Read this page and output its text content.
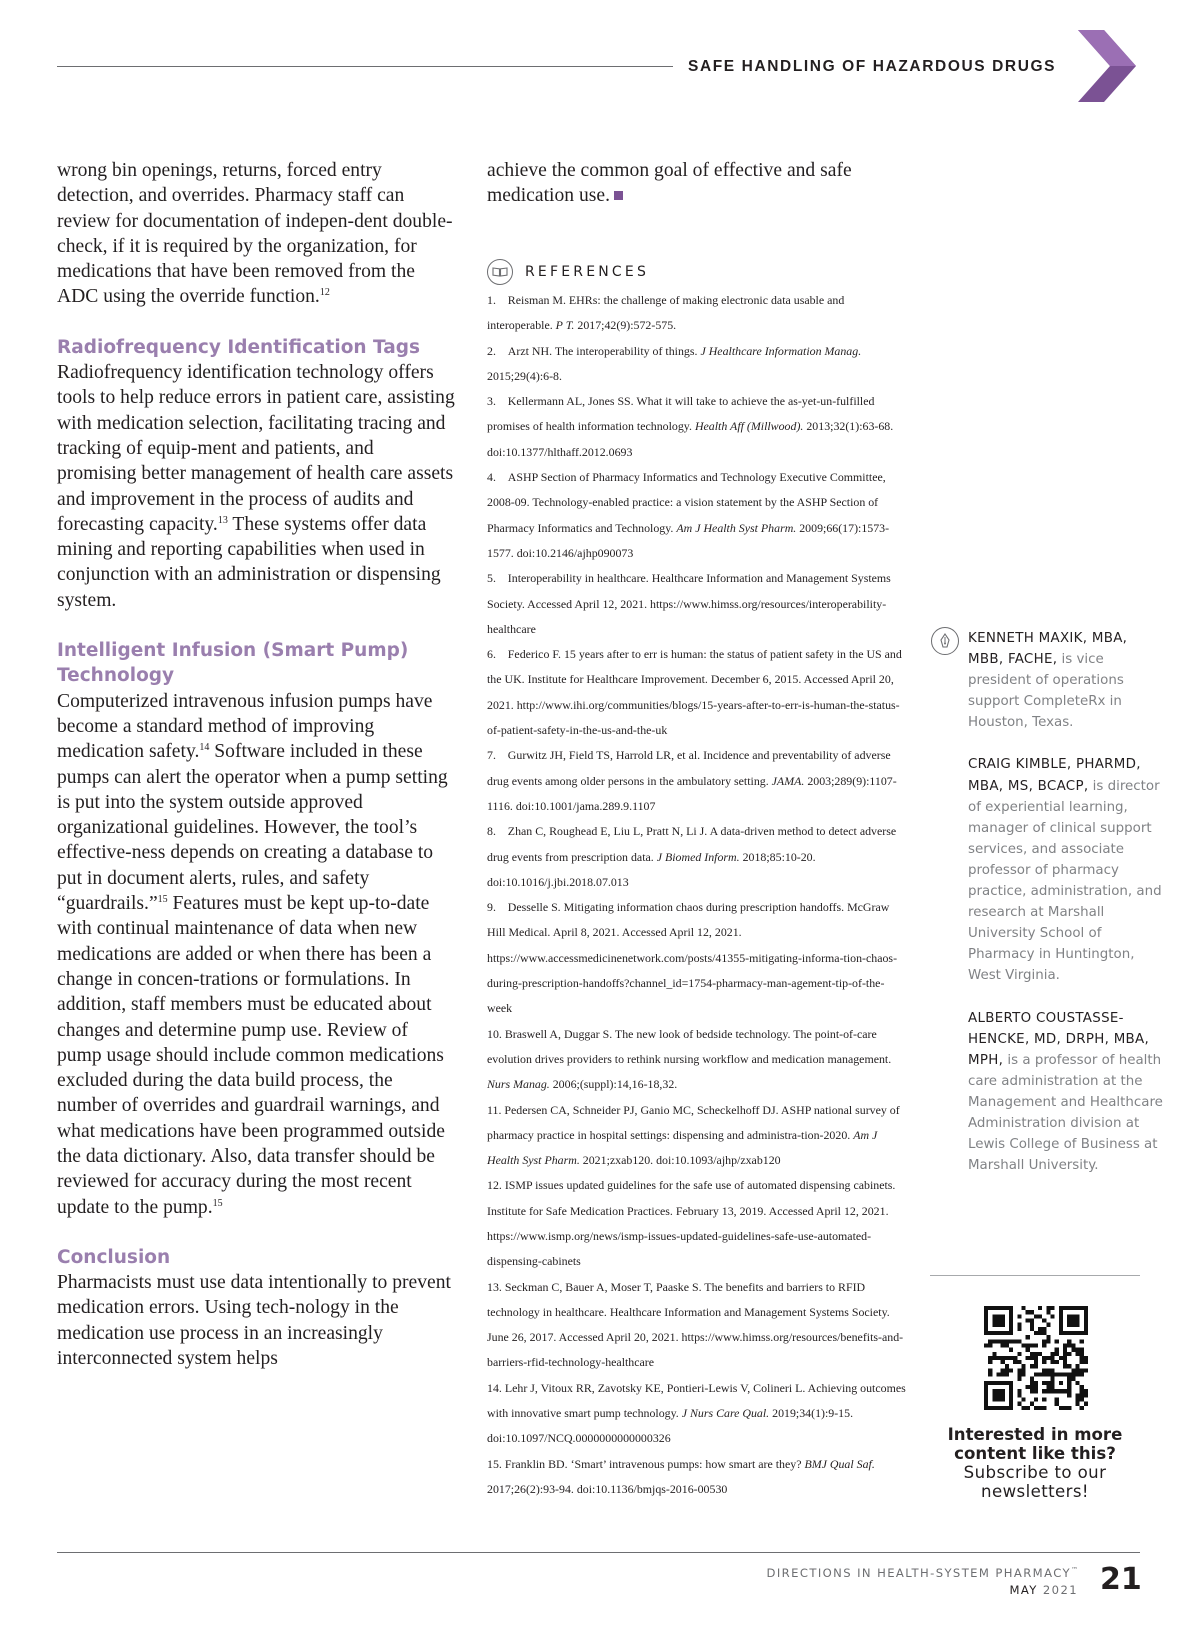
SAFE HANDLING OF HAZARDOUS DRUGS

wrong bin openings, returns, forced entry detection, and overrides. Pharmacy staff can review for documentation of indepen-dent double-check, if it is required by the organization, for medications that have been removed from the ADC using the override function.$^{12}$

Radiofrequency Identification Tags

Radiofrequency identification technology offers tools to help reduce errors in patient care, assisting with medication selection, facilitating tracing and tracking of equip-ment and patients, and promising better management of health care assets and improvement in the process of audits and forecasting capacity.$^{13}$ These systems offer data mining and reporting capabilities when used in conjunction with an administration or dispensing system.

Intelligent Infusion (Smart Pump) Technology

Computerized intravenous infusion pumps have become a standard method of improving medication safety.$^{14}$ Software included in these pumps can alert the operator when a pump setting is put into the system outside approved organizational guidelines. However, the tool’s effective-ness depends on creating a database to put in document alerts, rules, and safety “guardrails.”$^{15}$ Features must be kept up-to-date with continual maintenance of data when new medications are added or when there has been a change in concen-trations or formulations. In addition, staff members must be educated about changes and determine pump use. Review of pump usage should include common medications excluded during the data build process, the number of overrides and guardrail warnings, and what medications have been programmed outside the data dictionary. Also, data transfer should be reviewed for accuracy during the most recent update to the pump.$^{15}$

Conclusion

Pharmacists must use data intentionally to prevent medication errors. Using tech-nology in the medication use process in an increasingly interconnected system helps

achieve the common goal of effective and safe medication use.
REFERENCES

1. Reisman M. EHRs: the challenge of making electronic data usable and interoperable. P T. 2017;42(9):572-575.

2. Arzt NH. The interoperability of things. J Healthcare Information Manag. 2015;29(4):6-8.

3. Kellermann AL, Jones SS. What it will take to achieve the as-yet-un-fulfilled promises of health information technology. Health Aff (Millwood). 2013;32(1):63-68. doi:10.1377/hlthaff.2012.0693

4. ASHP Section of Pharmacy Informatics and Technology Executive Committee, 2008-09. Technology-enabled practice: a vision statement by the ASHP Section of Pharmacy Informatics and Technology. Am J Health Syst Pharm. 2009;66(17):1573-1577. doi:10.2146/ajhp090073

5. Interoperability in healthcare. Healthcare Information and Management Systems Society. Accessed April 12, 2021. https://www.himss.org/resources/interoperability-healthcare

6. Federico F. 15 years after to err is human: the status of patient safety in the US and the UK. Institute for Healthcare Improvement. December 6, 2015. Accessed April 20, 2021. http://www.ihi.org/communities/blogs/15-years-after-to-err-is-human-the-status-of-patient-safety-in-the-us-and-the-uk

7. Gurwitz JH, Field TS, Harrold LR, et al. Incidence and preventability of adverse drug events among older persons in the ambulatory setting. JAMA. 2003;289(9):1107-1116. doi:10.1001/jama.289.9.1107

8. Zhan C, Roughead E, Liu L, Pratt N, Li J. A data-driven method to detect adverse drug events from prescription data. J Biomed Inform. 2018;85:10-20. doi:10.1016/j.jbi.2018.07.013

9. Desselle S. Mitigating information chaos during prescription handoffs. McGraw Hill Medical. April 8, 2021. Accessed April 12, 2021. https://www.accessmedicinenetwork.com/posts/41355-mitigating-informa-tion-chaos-during-prescription-handoffs?channel_id=1754-pharmacy-man-agement-tip-of-the-week

10. Braswell A, Duggar S. The new look of bedside technology. The point-of-care evolution drives providers to rethink nursing workflow and medication management. Nurs Manag. 2006;(suppl):14,16-18,32.

11. Pedersen CA, Schneider PJ, Ganio MC, Scheckelhoff DJ. ASHP national survey of pharmacy practice in hospital settings: dispensing and administra-tion-2020. Am J Health Syst Pharm. 2021;zxab120. doi:10.1093/ajhp/zxab120

12. ISMP issues updated guidelines for the safe use of automated dispensing cabinets. Institute for Safe Medication Practices. February 13, 2019. Accessed April 12, 2021. https://www.ismp.org/news/ismp-issues-updated-guidelines-safe-use-automated-dispensing-cabinets

13. Seckman C, Bauer A, Moser T, Paaske S. The benefits and barriers to RFID technology in healthcare. Healthcare Information and Management Systems Society. June 26, 2017. Accessed April 20, 2021. https://www.himss.org/resources/benefits-and-barriers-rfid-technology-healthcare

14. Lehr J, Vitoux RR, Zavotsky KE, Pontieri-Lewis V, Colineri L. Achieving outcomes with innovative smart pump technology. J Nurs Care Qual. 2019;34(1):9-15. doi:10.1097/NCQ.0000000000000326

15. Franklin BD. ‘Smart’ intravenous pumps: how smart are they? BMJ Qual Saf. 2017;26(2):93-94. doi:10.1136/bmjqs-2016-00530

KENNETH MAXIK, MBA, MBB, FACHE, is vice president of operations support CompleteRx in Houston, Texas.

CRAIG KIMBLE, PHARMD, MBA, MS, BCACP, is director of experiential learning, manager of clinical support services, and associate professor of pharmacy practice, administration, and research at Marshall University School of Pharmacy in Huntington, West Virginia.

ALBERTO COUSTASSE-HENCKE, MD, DRPH, MBA, MPH, is a professor of health care administration at the Management and Healthcare Administration division at Lewis College of Business at Marshall University.

Interested in more content like this?
Subscribe to our newsletters!
DIRECTIONS IN HEALTH-SYSTEM PHARMACY™
MAY 2021 21
